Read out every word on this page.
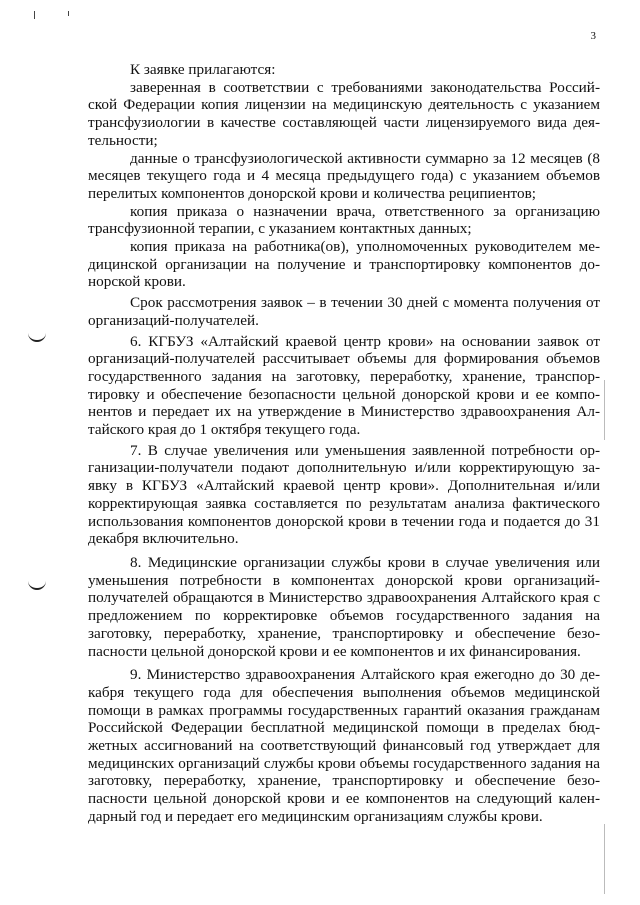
3

К заявке прилагаются:

заверенная в соответствии с требованиями законодательства Российской Федерации копия лицензии на медицинскую деятельность с указанием трансфузиологии в качестве составляющей части лицензируемого вида деятельности;

данные о трансфузиологической активности суммарно за 12 месяцев (8 месяцев текущего года и 4 месяца предыдущего года) с указанием объемов перелитых компонентов донорской крови и количества реципиентов;

копия приказа о назначении врача, ответственного за организацию трансфузионной терапии, с указанием контактных данных;

копия приказа на работника(ов), уполномоченных руководителем медицинской организации на получение и транспортировку компонентов донорской крови.

Срок рассмотрения заявок – в течении 30 дней с момента получения от организаций-получателей.

6. КГБУЗ «Алтайский краевой центр крови» на основании заявок от организаций-получателей рассчитывает объемы для формирования объемов государственного задания на заготовку, переработку, хранение, транспортировку и обеспечение безопасности цельной донорской крови и ее компонентов и передает их на утверждение в Министерство здравоохранения Алтайского края до 1 октября текущего года.

7. В случае увеличения или уменьшения заявленной потребности организации-получатели подают дополнительную и/или корректирующую заявку в КГБУЗ «Алтайский краевой центр крови». Дополнительная и/или корректирующая заявка составляется по результатам анализа фактического использования компонентов донорской крови в течении года и подается до 31 декабря включительно.

8. Медицинские организации службы крови в случае увеличения или уменьшения потребности в компонентах донорской крови организаций-получателей обращаются в Министерство здравоохранения Алтайского края с предложением по корректировке объемов государственного задания на заготовку, переработку, хранение, транспортировку и обеспечение безопасности цельной донорской крови и ее компонентов и их финансирования.

9. Министерство здравоохранения Алтайского края ежегодно до 30 декабря текущего года для обеспечения выполнения объемов медицинской помощи в рамках программы государственных гарантий оказания гражданам Российской Федерации бесплатной медицинской помощи в пределах бюджетных ассигнований на соответствующий финансовый год утверждает для медицинских организаций службы крови объемы государственного задания на заготовку, переработку, хранение, транспортировку и обеспечение безопасности цельной донорской крови и ее компонентов на следующий календарный год и передает его медицинским организациям службы крови.
